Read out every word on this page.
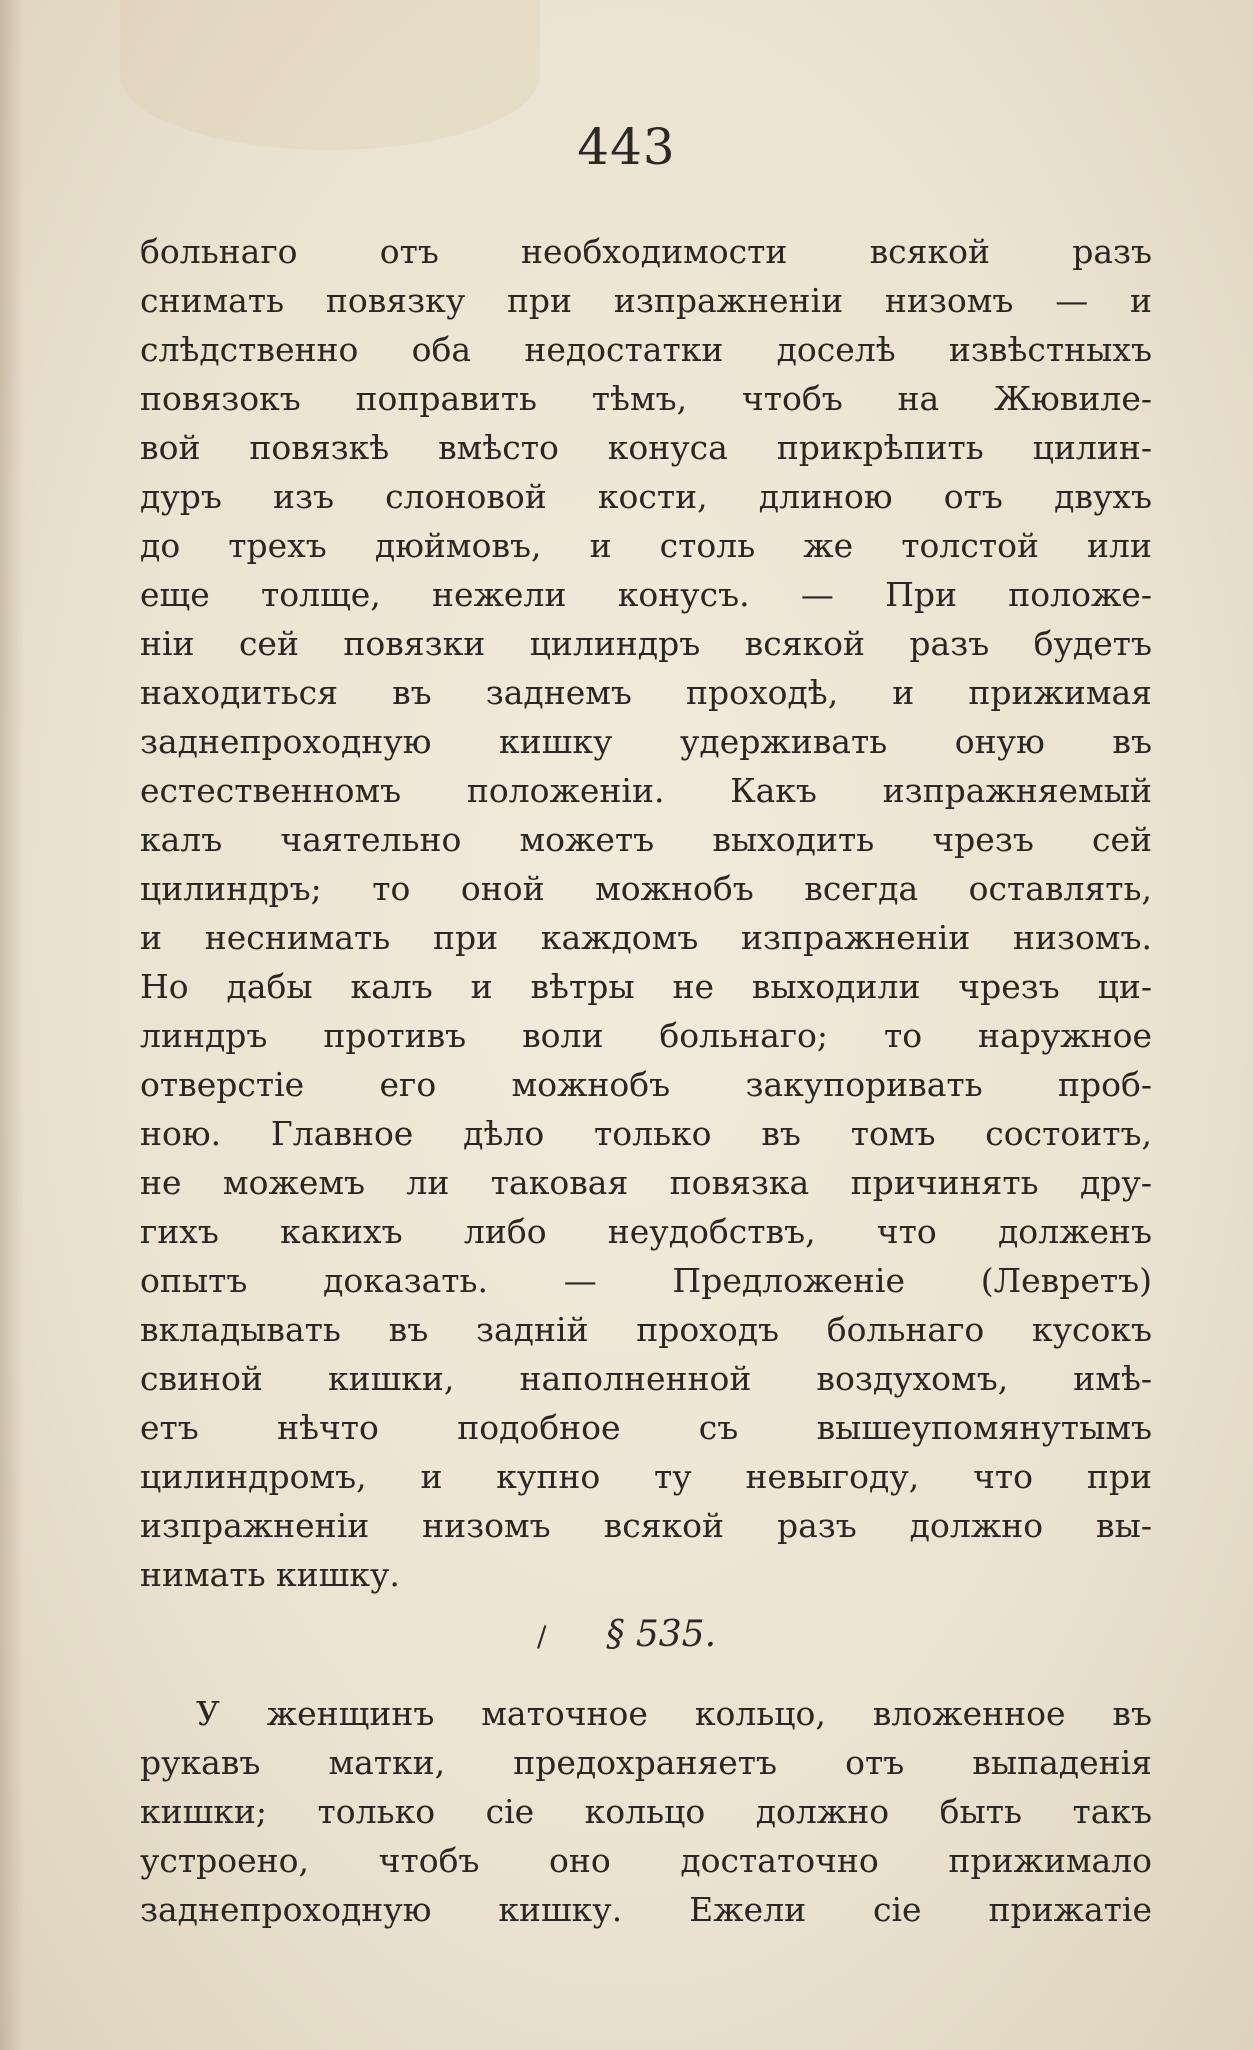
443
больнаго отъ необходимости всякой разъ
снимать повязку при изпражненіи низомъ — и
слѣдственно оба недостатки доселѣ извѣстныхъ
повязокъ поправить тѣмъ, чтобъ на Жювиле-
вой повязкѣ вмѣсто конуса прикрѣпить цилин-
дуръ изъ слоновой кости, длиною отъ двухъ
до трехъ дюймовъ, и столь же толстой или
еще толще, нежели конусъ. — При положе-
ніи сей повязки цилиндръ всякой разъ будетъ
находиться въ заднемъ проходѣ, и прижимая
заднепроходную кишку удерживать оную въ
естественномъ положеніи. Какъ изпражняемый
калъ чаятельно можетъ выходить чрезъ сей
цилиндръ; то оной можнобъ всегда оставлять,
и неснимать при каждомъ изпражненіи низомъ.
Но дабы калъ и вѣтры не выходили чрезъ ци-
линдръ противъ воли больнаго; то наружное
отверстіе его можнобъ закупоривать проб-
ною. Главное дѣло только въ томъ состоитъ,
не можемъ ли таковая повязка причинять дру-
гихъ какихъ либо неудобствъ, что долженъ
опытъ доказать. — Предложеніе (Левретъ)
вкладывать въ задній проходъ больнаго кусокъ
свиной кишки, наполненной воздухомъ, имѣ-
етъ нѣчто подобное съ вышеупомянутымъ
цилиндромъ, и купно ту невыгоду, что при
изпражненіи низомъ всякой разъ должно вы-
нимать кишку.
/ § 535.
У женщинъ маточное кольцо, вложенное въ
рукавъ матки, предохраняетъ отъ выпаденія
кишки; только сіе кольцо должно быть такъ
устроено, чтобъ оно достаточно прижимало
заднепроходную кишку. Ежели сіе прижатіе
